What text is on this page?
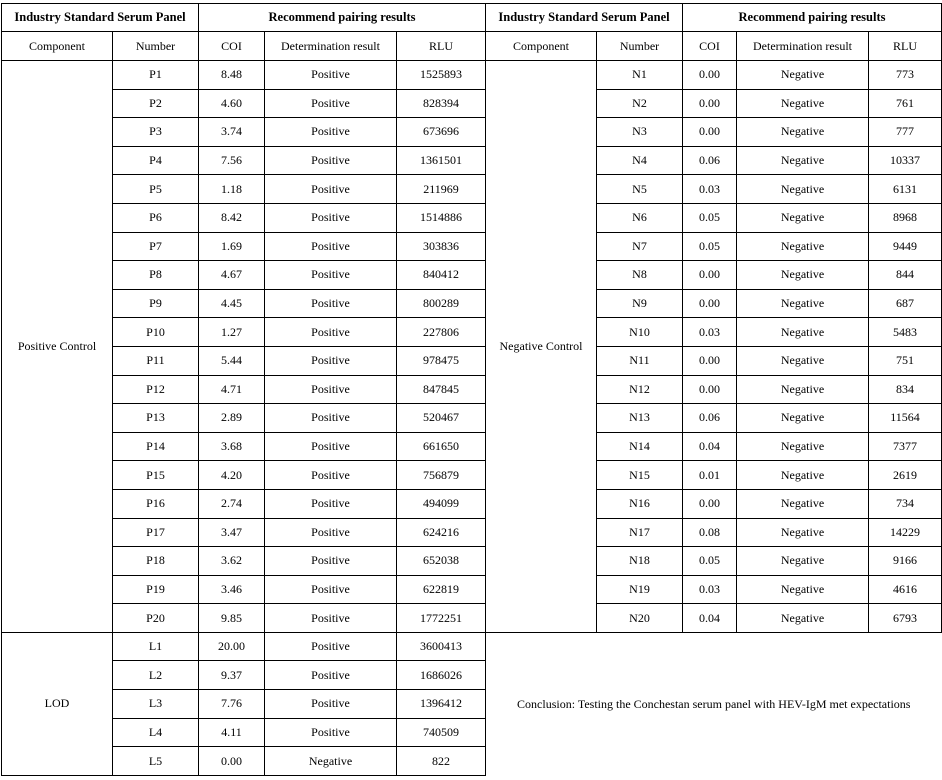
Industry Standard Serum Panel		Recommend pairing results			Industry Standard Serum Panel		Recommend pairing results		
Component	Number	COI	Determination result	RLU	Component	Number	COI	Determination result	RLU
Positive Control	P1	8.48	Positive	1525893	Negative Control	N1	0.00	Negative	773
	P2	4.60	Positive	828394		N2	0.00	Negative	761
	P3	3.74	Positive	673696		N3	0.00	Negative	777
	P4	7.56	Positive	1361501		N4	0.06	Negative	10337
	P5	1.18	Positive	211969		N5	0.03	Negative	6131
	P6	8.42	Positive	1514886		N6	0.05	Negative	8968
	P7	1.69	Positive	303836		N7	0.05	Negative	9449
	P8	4.67	Positive	840412		N8	0.00	Negative	844
	P9	4.45	Positive	800289		N9	0.00	Negative	687
	P10	1.27	Positive	227806		N10	0.03	Negative	5483
	P11	5.44	Positive	978475		N11	0.00	Negative	751
	P12	4.71	Positive	847845		N12	0.00	Negative	834
	P13	2.89	Positive	520467		N13	0.06	Negative	11564
	P14	3.68	Positive	661650		N14	0.04	Negative	7377
	P15	4.20	Positive	756879		N15	0.01	Negative	2619
	P16	2.74	Positive	494099		N16	0.00	Negative	734
	P17	3.47	Positive	624216		N17	0.08	Negative	14229
	P18	3.62	Positive	652038		N18	0.05	Negative	9166
	P19	3.46	Positive	622819		N19	0.03	Negative	4616
	P20	9.85	Positive	1772251		N20	0.04	Negative	6793
LOD	L1	20.00	Positive	3600413	Conclusion: Testing the Conchestan serum panel with HEV-IgM met expectations				
	L2	9.37	Positive	1686026					
	L3	7.76	Positive	1396412					
	L4	4.11	Positive	740509					
	L5	0.00	Negative	822					
